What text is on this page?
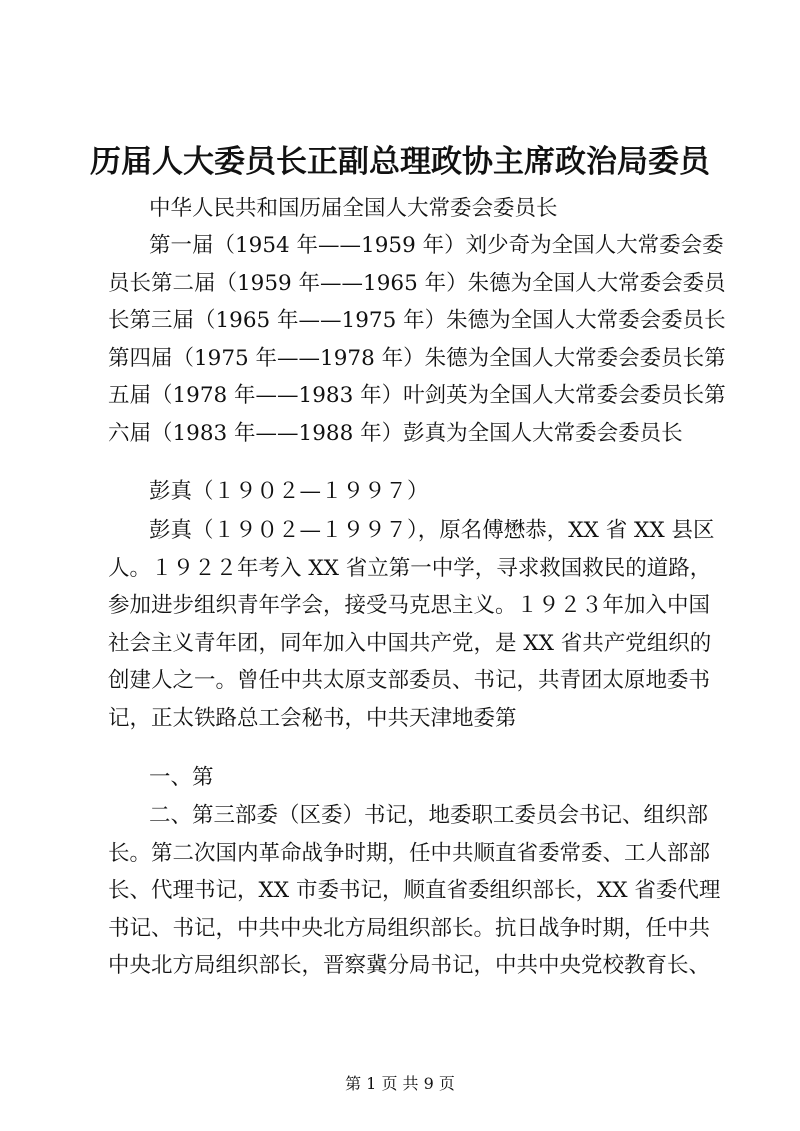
历届人大委员长正副总理政协主席政治局委员
中华人民共和国历届全国人大常委会委员长
第一届（1954 年——1959 年）刘少奇为全国人大常委会委
员长第二届（1959 年——1965 年）朱德为全国人大常委会委员
长第三届（1965 年——1975 年）朱德为全国人大常委会委员长
第四届（1975 年——1978 年）朱德为全国人大常委会委员长第
五届（1978 年——1983 年）叶剑英为全国人大常委会委员长第
六届（1983 年——1988 年）彭真为全国人大常委会委员长
彭真（１９０２—１９９７）
彭真（１９０２—１９９７），原名傅懋恭，XX 省 XX 县区
人。１９２２年考入 XX 省立第一中学，寻求救国救民的道路，
参加进步组织青年学会，接受马克思主义。１９２３年加入中国
社会主义青年团，同年加入中国共产党，是 XX 省共产党组织的
创建人之一。曾任中共太原支部委员、书记，共青团太原地委书
记，正太铁路总工会秘书，中共天津地委第
一、第
二、第三部委（区委）书记，地委职工委员会书记、组织部
长。第二次国内革命战争时期，任中共顺直省委常委、工人部部
长、代理书记，XX 市委书记，顺直省委组织部长，XX 省委代理
书记、书记，中共中央北方局组织部长。抗日战争时期，任中共
中央北方局组织部长，晋察冀分局书记，中共中央党校教育长、
第 1 页 共 9 页
